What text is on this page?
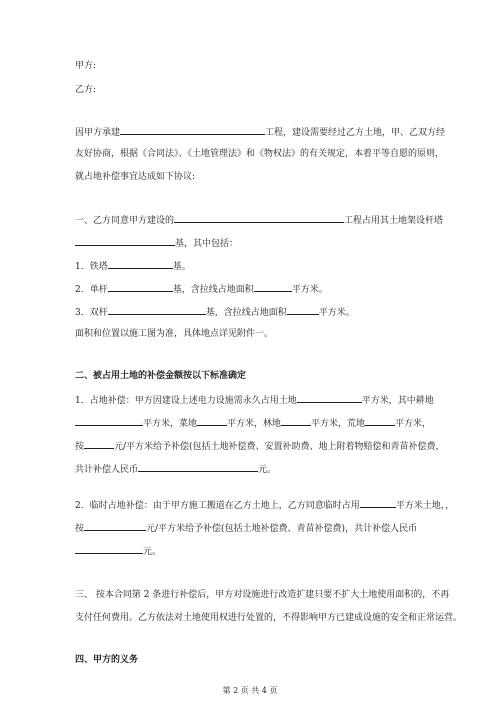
甲方:
乙方:
因甲方承建	工程，建设需要经过乙方土地，甲、乙双方经
友好协商，根据《合同法》、《土地管理法》和《物权法》的有关规定，本着平等自愿的原则，
就占地补偿事宜达成如下协议:
一、乙方同意甲方建设的	工程占用其土地架设杆塔
基，其中包括：
1．铁塔	基。
2．单杆	基，含拉线占地面积	平方米。
3．双杆	基，含拉线占地面积	平方米。
面积和位置以施工图为准，具体地点详见附件一。
二、被占用土地的补偿金额按以下标准确定
1．占地补偿：甲方因建设上述电力设施需永久占用土地	平方米，其中耕地
平方米，菜地	平方米，林地	平方米，荒地	平方米，
按	元/平方米给予补偿(包括土地补偿费、安置补助费、地上附着物赔偿和青苗补偿费，
共计补偿人民币	元。
2．临时占地补偿：由于甲方施工搬道在乙方土地上，乙方同意临时占用	平方米土地，，
按	元/平方米给予补偿(包括土地补偿费、青苗补偿费)，共计补偿人民币
元。
三、 按本合同第 2 条进行补偿后，甲方对设施进行改造扩建只要不扩大土地使用面积的，不再
支付任何费用。乙方依法对土地使用权进行处置的，不得影响甲方已建成设施的安全和正常运营。
四、甲方的义务
第 2 页 共 4 页
